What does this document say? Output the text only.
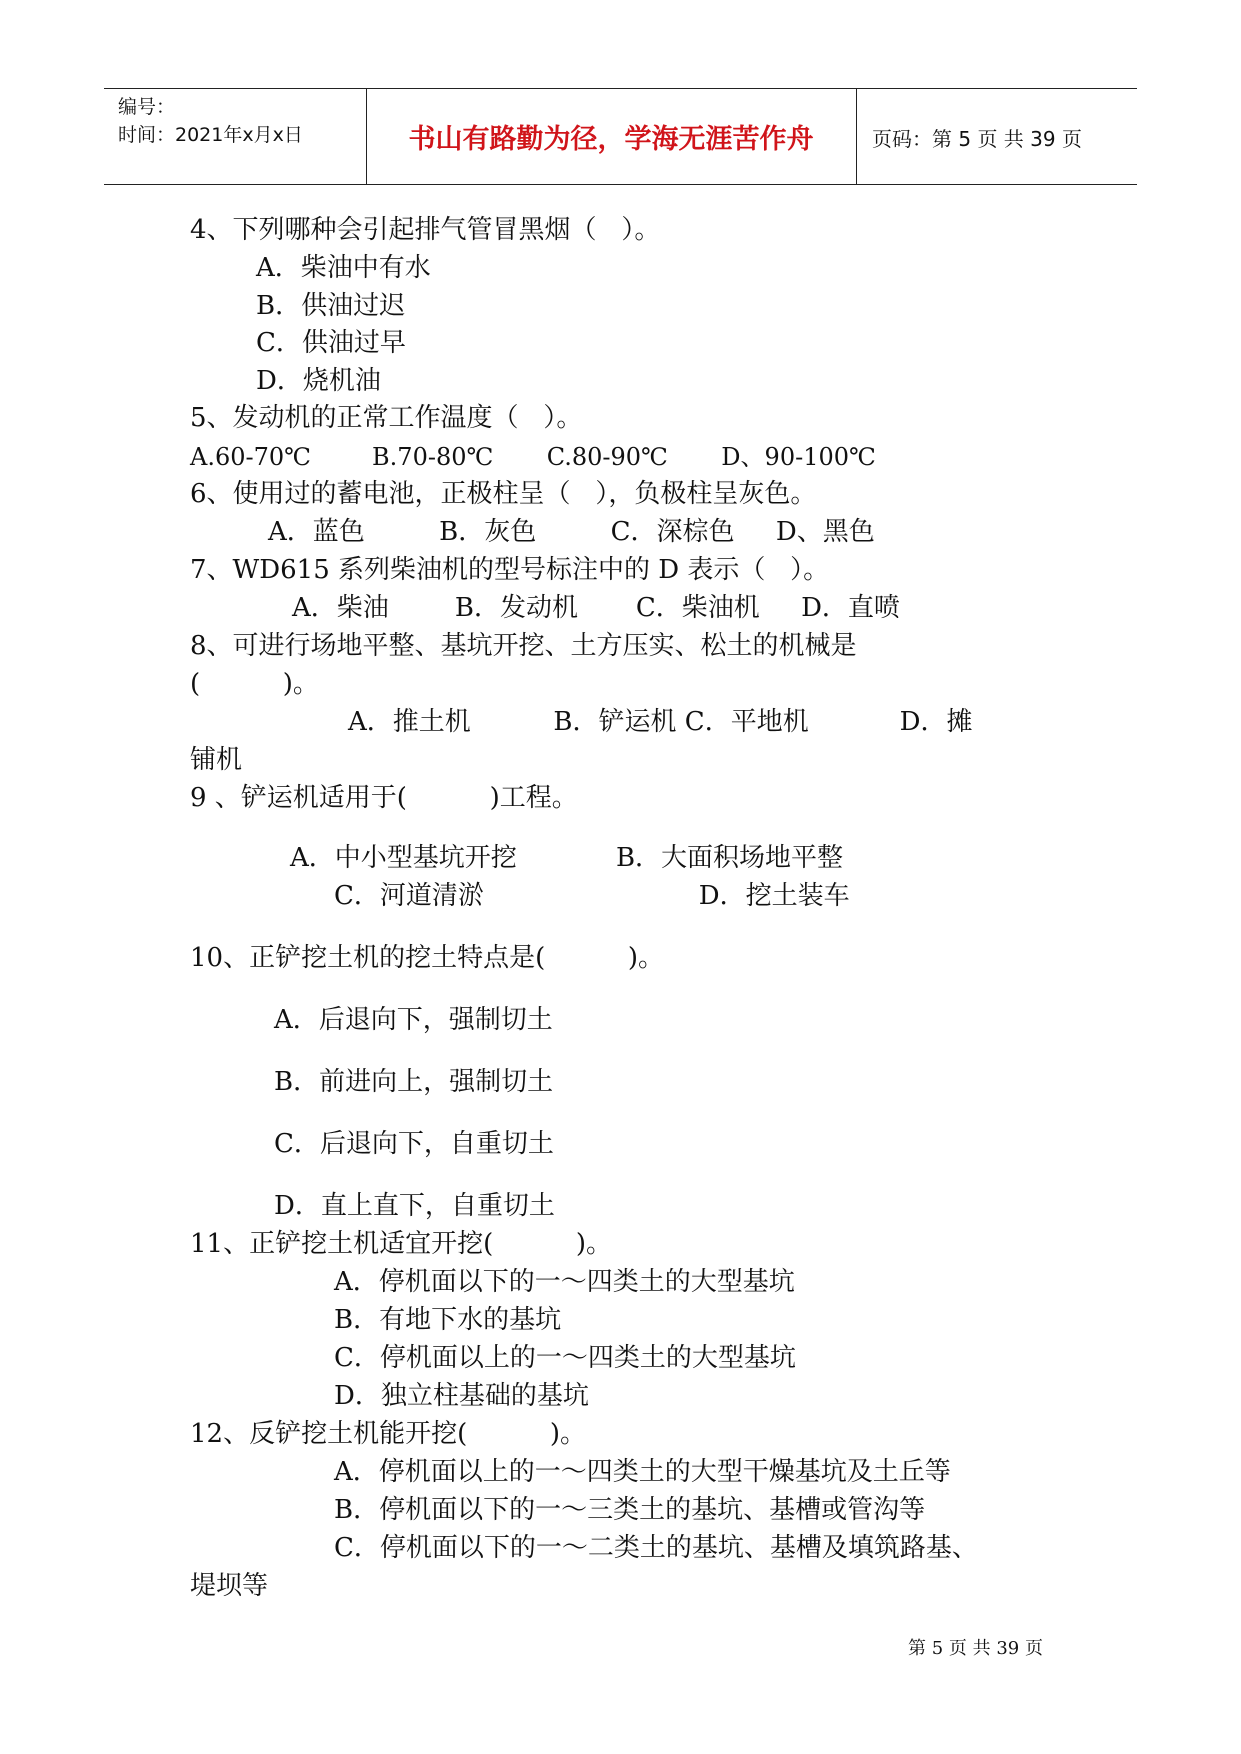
编号：
时间：2021年x月x日	书山有路勤为径，学海无涯苦作舟	页码：第 5 页 共 39 页
4、下列哪种会引起排气管冒黑烟（   ）。
A．柴油中有水
B．供油过迟
C．供油过早
D．烧机油
5、发动机的正常工作温度（   ）。
A.60-70℃        B.70-80℃       C.80-90℃       D、90-100℃
6、使用过的蓄电池，正极柱呈（   ），负极柱呈灰色。
A．蓝色         B．灰色         C．深棕色     D、黑色
7、WD615 系列柴油机的型号标注中的 D 表示（   ）。
A．柴油        B．发动机       C．柴油机     D．直喷
8、可进行场地平整、基坑开挖、土方压实、松土的机械是
(          )。
A．推土机          B．铲运机 C．平地机           D．摊
铺机
9 、铲运机适用于(          )工程。
A．中小型基坑开挖            B．大面积场地平整
C．河道清淤                          D．挖土装车
10、正铲挖土机的挖土特点是(          )。
A．后退向下，强制切土
B．前进向上，强制切土
C．后退向下，自重切土
D．直上直下，自重切土
11、正铲挖土机适宜开挖(          )。
A．停机面以下的一～四类土的大型基坑
B．有地下水的基坑
C．停机面以上的一～四类土的大型基坑
D．独立柱基础的基坑
12、反铲挖土机能开挖(          )。
A．停机面以上的一～四类土的大型干燥基坑及土丘等
B．停机面以下的一～三类土的基坑、基槽或管沟等
C．停机面以下的一～二类土的基坑、基槽及填筑路基、
堤坝等
第 5 页 共 39 页
